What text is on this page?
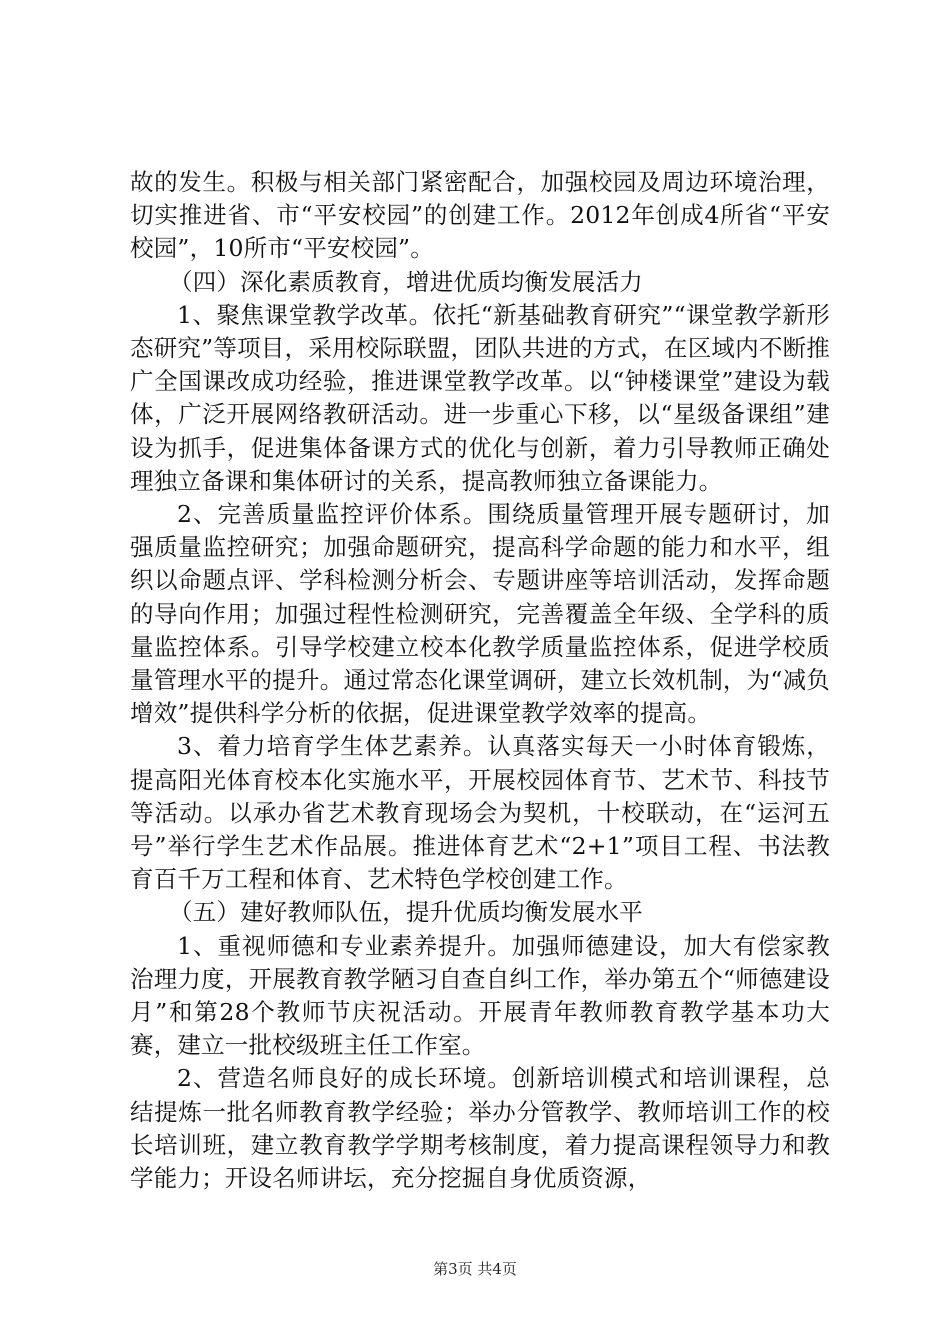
故的发生。积极与相关部门紧密配合，加强校园及周边环境治理，切实推进省、市“平安校园”的创建工作。2012年创成4所省“平安校园”，10所市“平安校园”。

（四）深化素质教育，增进优质均衡发展活力

1、聚焦课堂教学改革。依托“新基础教育研究”“课堂教学新形态研究”等项目，采用校际联盟，团队共进的方式，在区域内不断推广全国课改成功经验，推进课堂教学改革。以“钟楼课堂”建设为载体，广泛开展网络教研活动。进一步重心下移，以“星级备课组”建设为抓手，促进集体备课方式的优化与创新，着力引导教师正确处理独立备课和集体研讨的关系，提高教师独立备课能力。

2、完善质量监控评价体系。围绕质量管理开展专题研讨，加强质量监控研究；加强命题研究，提高科学命题的能力和水平，组织以命题点评、学科检测分析会、专题讲座等培训活动，发挥命题的导向作用；加强过程性检测研究，完善覆盖全年级、全学科的质量监控体系。引导学校建立校本化教学质量监控体系，促进学校质量管理水平的提升。通过常态化课堂调研，建立长效机制，为“减负增效”提供科学分析的依据，促进课堂教学效率的提高。

3、着力培育学生体艺素养。认真落实每天一小时体育锻炼，提高阳光体育校本化实施水平，开展校园体育节、艺术节、科技节等活动。以承办省艺术教育现场会为契机，十校联动，在“运河五号”举行学生艺术作品展。推进体育艺术“2+1”项目工程、书法教育百千万工程和体育、艺术特色学校创建工作。

（五）建好教师队伍，提升优质均衡发展水平

1、重视师德和专业素养提升。加强师德建设，加大有偿家教治理力度，开展教育教学陋习自查自纠工作，举办第五个“师德建设月”和第28个教师节庆祝活动。开展青年教师教育教学基本功大赛，建立一批校级班主任工作室。

2、营造名师良好的成长环境。创新培训模式和培训课程，总结提炼一批名师教育教学经验；举办分管教学、教师培训工作的校长培训班，建立教育教学学期考核制度，着力提高课程领导力和教学能力；开设名师讲坛，充分挖掘自身优质资源，

第3页 共4页
